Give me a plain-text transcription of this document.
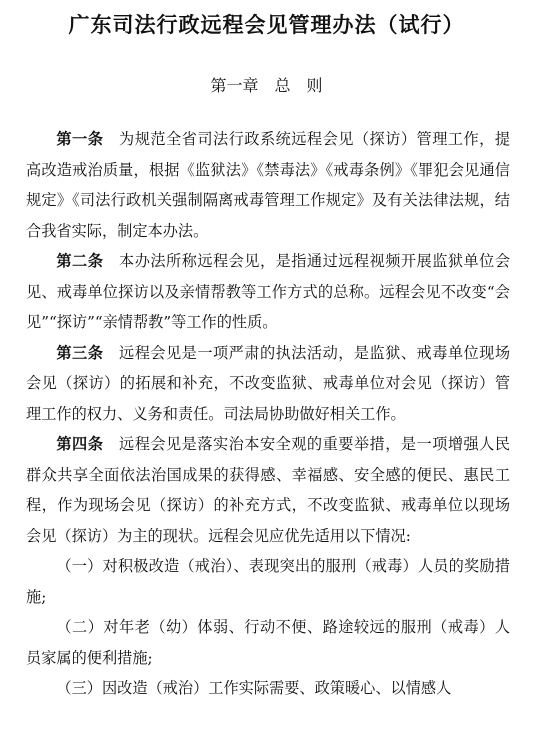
广东司法行政远程会见管理办法（试行）
第一章　总　则

第一条 为规范全省司法行政系统远程会见（探访）管理工作，提高改造戒治质量，根据《监狱法》《禁毒法》《戒毒条例》《罪犯会见通信规定》《司法行政机关强制隔离戒毒管理工作规定》及有关法律法规，结合我省实际，制定本办法。

第二条 本办法所称远程会见，是指通过远程视频开展监狱单位会见、戒毒单位探访以及亲情帮教等工作方式的总称。远程会见不改变“会见”“探访”“亲情帮教”等工作的性质。

第三条 远程会见是一项严肃的执法活动，是监狱、戒毒单位现场会见（探访）的拓展和补充，不改变监狱、戒毒单位对会见（探访）管理工作的权力、义务和责任。司法局协助做好相关工作。

第四条 远程会见是落实治本安全观的重要举措，是一项增强人民群众共享全面依法治国成果的获得感、幸福感、安全感的便民、惠民工程，作为现场会见（探访）的补充方式，不改变监狱、戒毒单位以现场会见（探访）为主的现状。远程会见应优先适用以下情况:

（一）对积极改造（戒治）、表现突出的服刑（戒毒）人员的奖励措施;

（二）对年老（幼）体弱、行动不便、路途较远的服刑（戒毒）人员家属的便利措施;

（三）因改造（戒治）工作实际需要、政策暖心、以情感人
